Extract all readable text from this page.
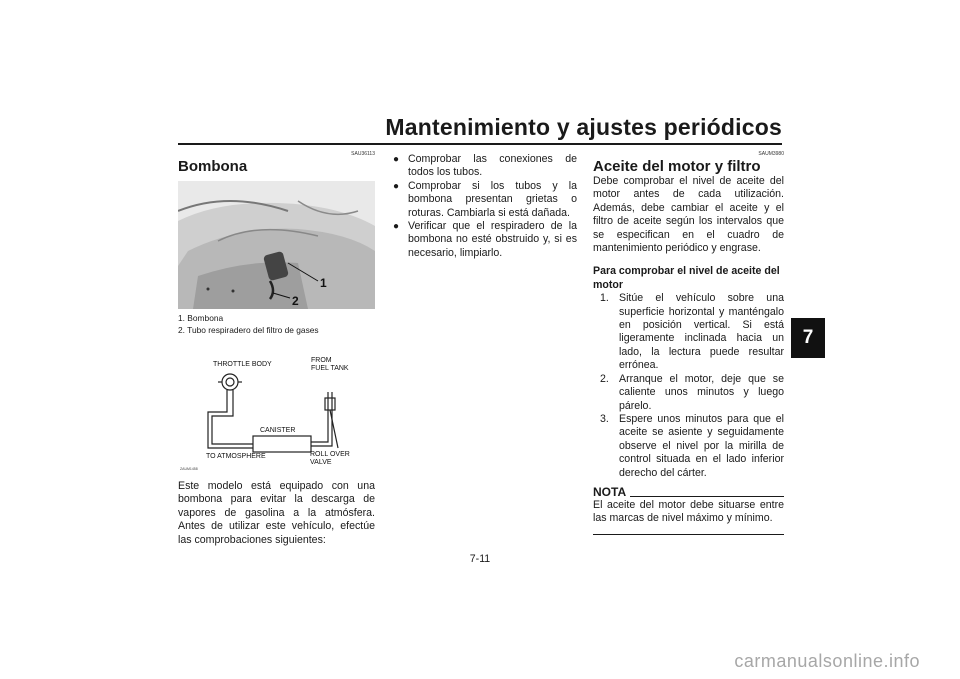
Mantenimiento y ajustes periódicos
7
SAU36113
Bombona
1
2
1. Bombona
2. Tubo respiradero del filtro de gases
THROTTLE BODY
FROM
FUEL TANK
CANISTER
TO ATMOSPHERE	ROLL OVER
VALVE
ZAUM1458

Este modelo está equipado con una bombona para evitar la descarga de vapores de gasolina a la atmósfera. Antes de utilizar este vehículo, efectúe las comprobaciones siguientes:

● Comprobar las conexiones de todos los tubos.
● Comprobar si los tubos y la bombona presentan grietas o roturas. Cambiarla si está dañada.
● Verificar que el respiradero de la bombona no esté obstruido y, si es necesario, limpiarlo.
SAUM3980
Aceite del motor y filtro

Debe comprobar el nivel de aceite del motor antes de cada utilización. Además, debe cambiar el aceite y el filtro de aceite según los intervalos que se especifican en el cuadro de mantenimiento periódico y engrase.

Para comprobar el nivel de aceite del motor
1. Sitúe el vehículo sobre una superficie horizontal y manténgalo en posición vertical. Si está ligeramente inclinada hacia un lado, la lectura puede resultar errónea.
2. Arranque el motor, deje que se caliente unos minutos y luego párelo.
3. Espere unos minutos para que el aceite se asiente y seguidamente observe el nivel por la mirilla de control situada en el lado inferior derecho del cárter.
NOTA

El aceite del motor debe situarse entre las marcas de nivel máximo y mínimo.

7-11
carmanualsonline.info
